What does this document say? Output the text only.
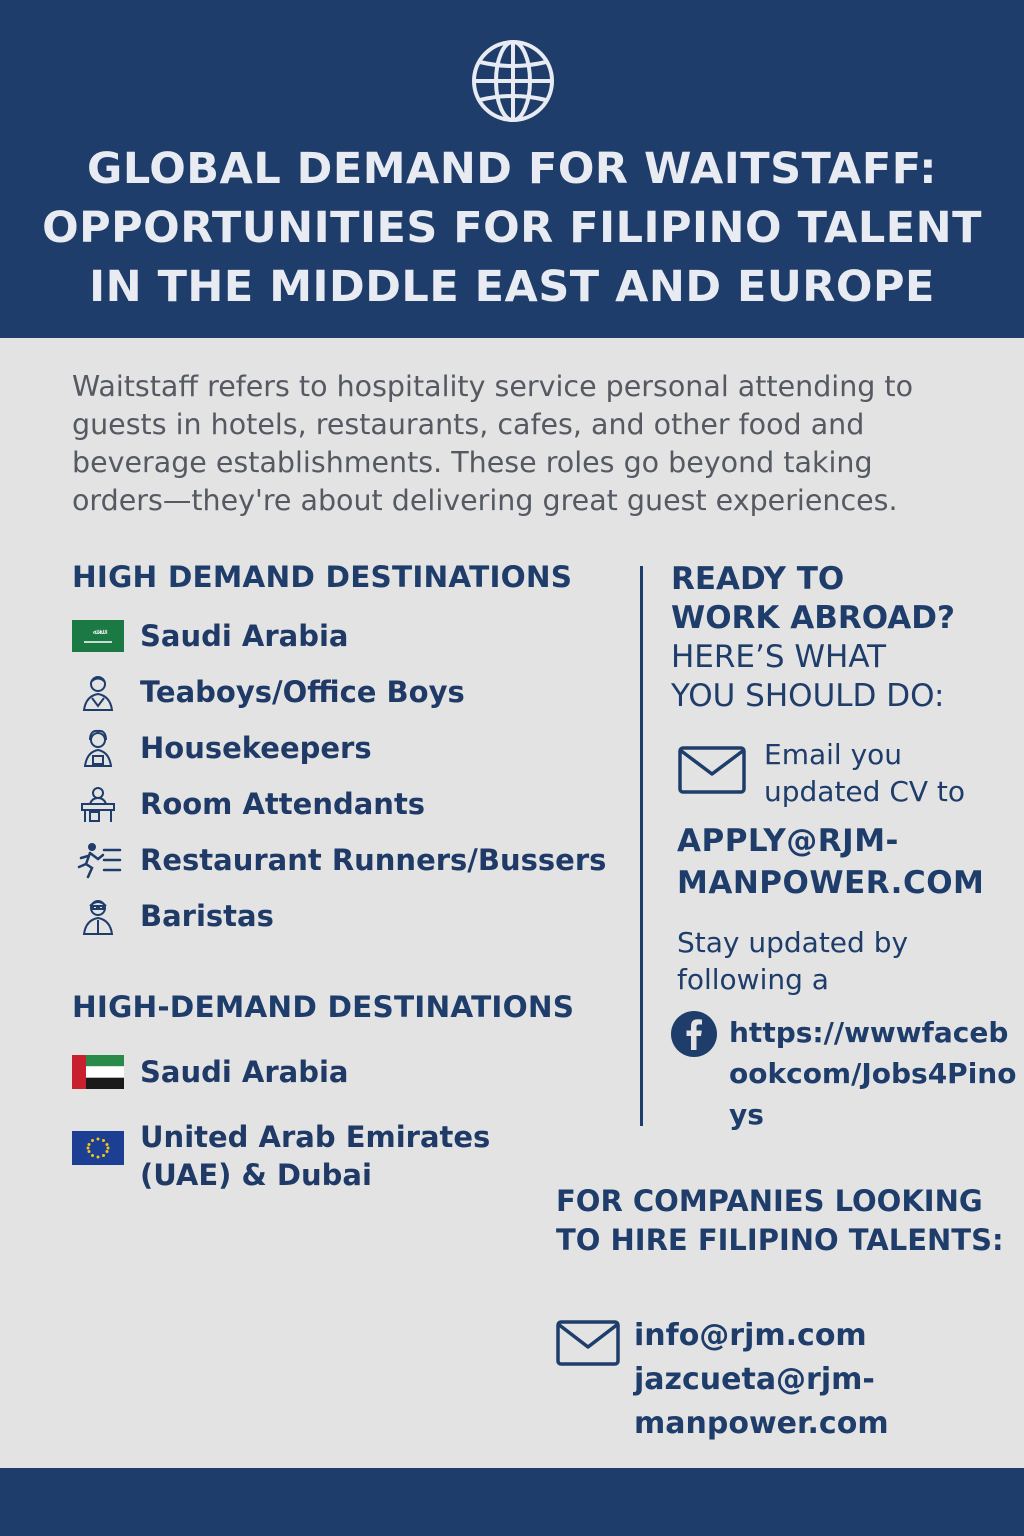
GLOBAL DEMAND FOR WAITSTAFF:
OPPORTUNITIES FOR FILIPINO TALENT
IN THE MIDDLE EAST AND EUROPE

Waitstaff refers to hospitality service personal attending to guests in hotels, restaurants, cafes, and other food and beverage establishments. These roles go beyond taking orders—they're about delivering great guest experiences.

HIGH DEMAND DESTINATIONS
ﷲ ﷲ Saudi Arabia
Teaboys/Office Boys
Housekeepers
Room Attendants
Restaurant Runners/Bussers
Baristas
HIGH-DEMAND DESTINATIONS
Saudi Arabia
United Arab Emirates (UAE) & Dubai
READY TO
WORK ABROAD?
HERE’S WHAT
YOU SHOULD DO:
Email you updated CV to
APPLY@RJM-MANPOWER.COM
Stay updated by following a
https://wwwfacebookcom/Jobs4Pinoys
FOR COMPANIES LOOKING TO HIRE FILIPINO TALENTS:
info@rjm.com
jazcueta@rjm-manpower.com
